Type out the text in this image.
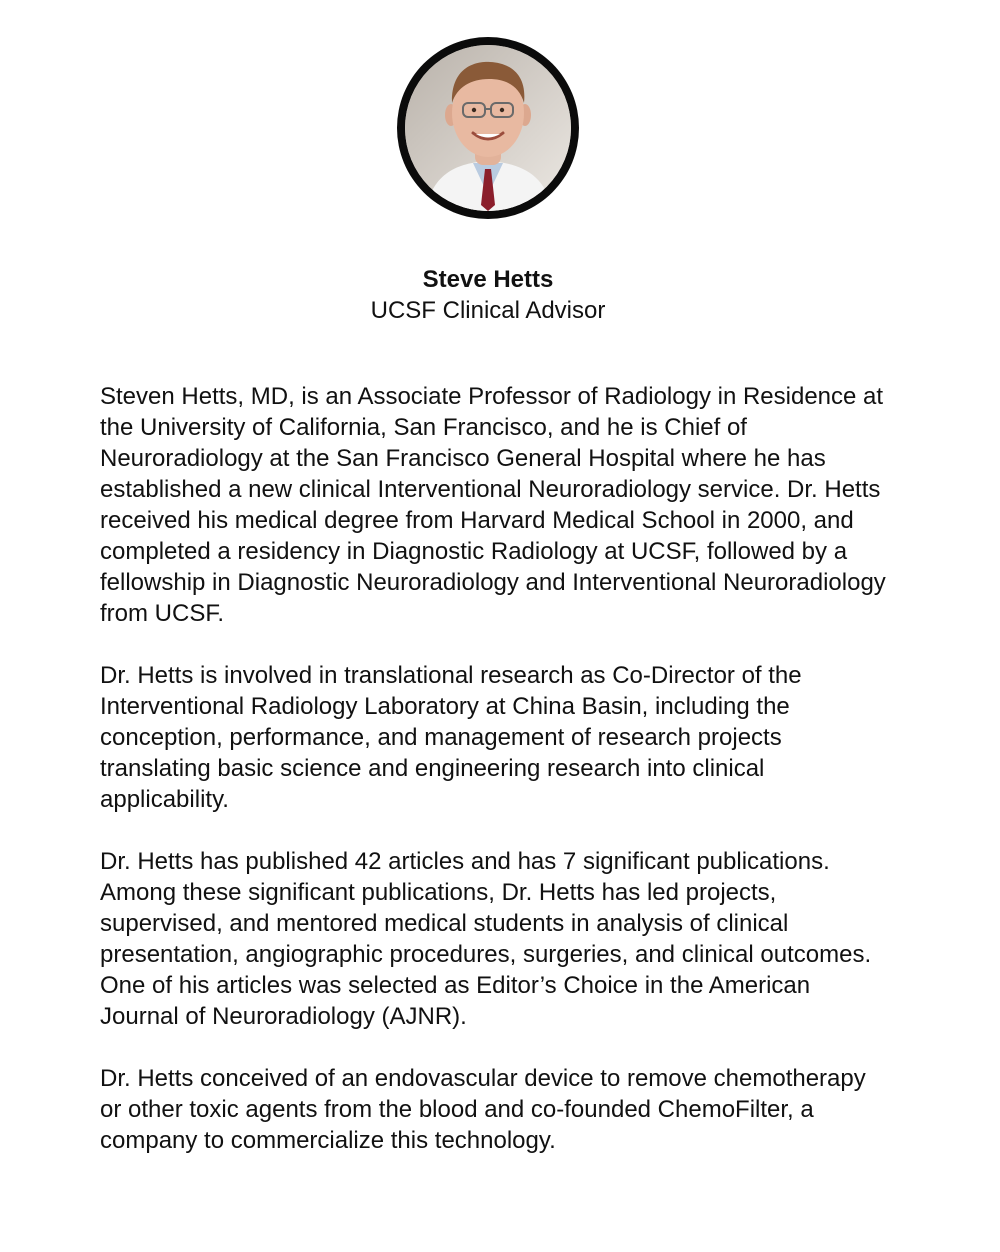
Steve Hetts
UCSF Clinical Advisor

Steven Hetts, MD, is an Associate Professor of Radiology in Residence at the University of California, San Francisco, and he is Chief of Neuroradiology at the San Francisco General Hospital where he has established a new clinical Interventional Neuroradiology service. Dr. Hetts received his medical degree from Harvard Medical School in 2000, and completed a residency in Diagnostic Radiology at UCSF, followed by a fellowship in Diagnostic Neuroradiology and Interventional Neuroradiology from UCSF.

Dr. Hetts is involved in translational research as Co-Director of the Interventional Radiology Laboratory at China Basin, including the conception, performance, and management of research projects translating basic science and engineering research into clinical applicability.

Dr. Hetts has published 42 articles and has 7 significant publications. Among these significant publications, Dr. Hetts has led projects, supervised, and mentored medical students in analysis of clinical presentation, angiographic procedures, surgeries, and clinical outcomes. One of his articles was selected as Editor’s Choice in the American Journal of Neuroradiology (AJNR).

Dr. Hetts conceived of an endovascular device to remove chemotherapy or other toxic agents from the blood and co-founded ChemoFilter, a company to commercialize this technology.
